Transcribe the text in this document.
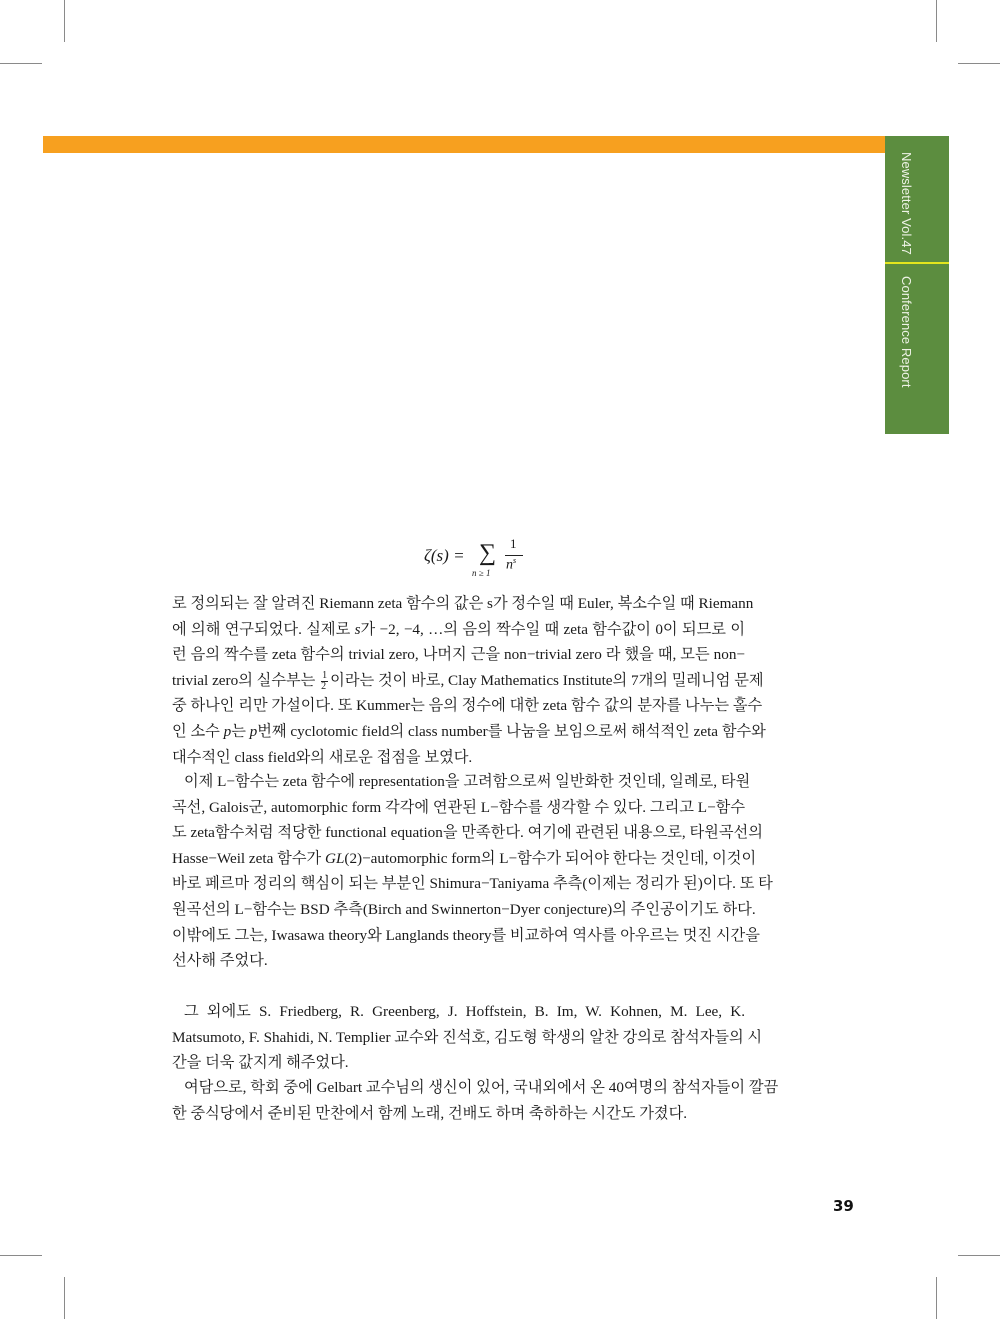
Newsletter Vol.47
Conference Report
ζ(s) = ∑
n ≥ 1
1
$n^s$
로 정의되는 잘 알려진 Riemann zeta 함수의 값은 s가 정수일 때 Euler, 복소수일 때 Riemann
에 의해 연구되었다. 실제로 s가 −2, −4, …의 음의 짝수일 때 zeta 함수값이 0이 되므로 이
런 음의 짝수를 zeta 함수의 trivial zero, 나머지 근을 non−trivial zero 라 했을 때, 모든 non−
trivial zero의 실수부는 $\frac{1}{2}$ 이라는 것이 바로, Clay Mathematics Institute의 7개의 밀레니엄 문제
중 하나인 리만 가설이다. 또 Kummer는 음의 정수에 대한 zeta 함수 값의 분자를 나누는 홀수
인 소수 p는 p번째 cyclotomic field의 class number를 나눔을 보임으로써 해석적인 zeta 함수와
대수적인 class field와의 새로운 접점을 보였다.
이제 L−함수는 zeta 함수에 representation을 고려함으로써 일반화한 것인데, 일례로, 타원
곡선, Galois군, automorphic form 각각에 연관된 L−함수를 생각할 수 있다. 그리고 L−함수
도 zeta함수처럼 적당한 functional equation을 만족한다. 여기에 관련된 내용으로, 타원곡선의
Hasse−Weil zeta 함수가 GL(2)−automorphic form의 L−함수가 되어야 한다는 것인데, 이것이
바로 페르마 정리의 핵심이 되는 부분인 Shimura−Taniyama 추측(이제는 정리가 된)이다. 또 타
원곡선의 L−함수는 BSD 추측(Birch and Swinnerton−Dyer conjecture)의 주인공이기도 하다.
이밖에도 그는, Iwasawa theory와 Langlands theory를 비교하여 역사를 아우르는 멋진 시간을
선사해 주었다.
그 외에도 S. Friedberg, R. Greenberg, J. Hoffstein, B. Im, W. Kohnen, M. Lee, K.
Matsumoto, F. Shahidi, N. Templier 교수와 진석호, 김도형 학생의 알찬 강의로 참석자들의 시
간을 더욱 값지게 해주었다.
여담으로, 학회 중에 Gelbart 교수님의 생신이 있어, 국내외에서 온 40여명의 참석자들이 깔끔
한 중식당에서 준비된 만찬에서 함께 노래, 건배도 하며 축하하는 시간도 가졌다.
39
